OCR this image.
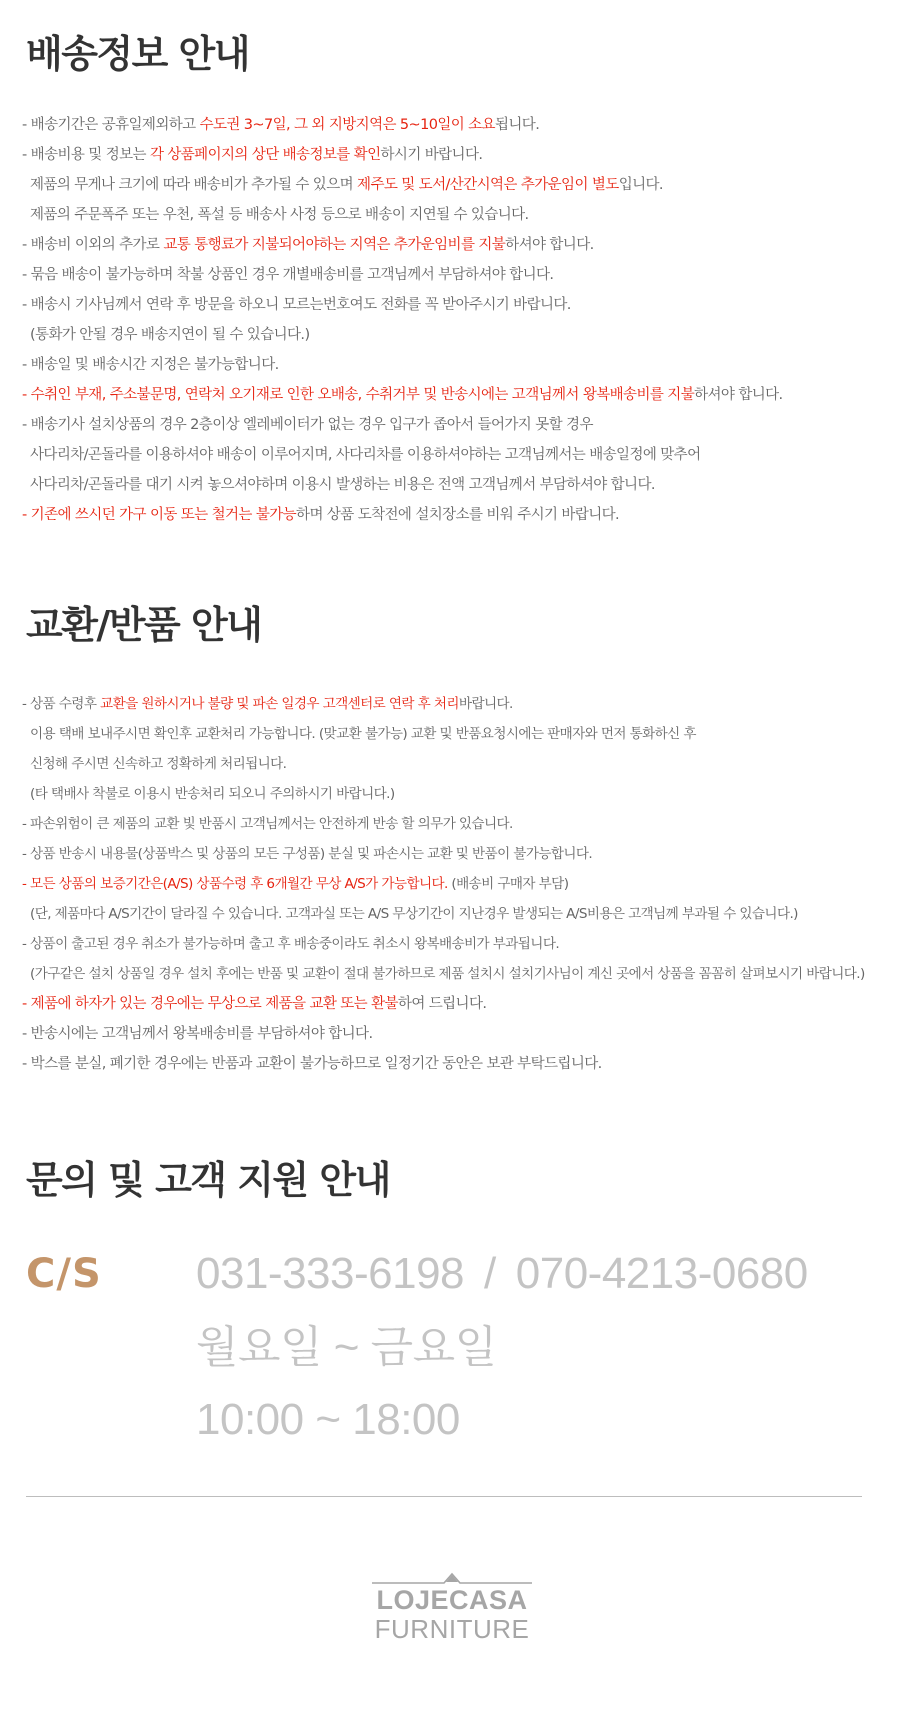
배송정보 안내
- 배송기간은 공휴일제외하고 수도권 3~7일, 그 외 지방지역은 5~10일이 소요됩니다.
- 배송비용 및 정보는 각 상품페이지의 상단 배송정보를 확인하시기 바랍니다.
제품의 무게나 크기에 따라 배송비가 추가될 수 있으며 제주도 및 도서/산간시역은 추가운임이 별도입니다.
제품의 주문폭주 또는 우천, 폭설 등 배송사 사정 등으로 배송이 지연될 수 있습니다.
- 배송비 이외의 추가로 교통 통행료가 지불되어야하는 지역은 추가운임비를 지불하셔야 합니다.
- 묶음 배송이 불가능하며 착불 상품인 경우 개별배송비를 고객님께서 부담하셔야 합니다.
- 배송시 기사님께서 연락 후 방문을 하오니 모르는번호여도 전화를 꼭 받아주시기 바랍니다.
(통화가 안될 경우 배송지연이 될 수 있습니다.)
- 배송일 및 배송시간 지정은 불가능합니다.
- 수취인 부재, 주소불문명, 연락처 오기재로 인한 오배송, 수취거부 및 반송시에는 고객님께서 왕복배송비를 지불하셔야 합니다.
- 배송기사 설치상품의 경우 2층이상 엘레베이터가 없는 경우 입구가 좁아서 들어가지 못할 경우
사다리차/곤돌라를 이용하셔야 배송이 이루어지며, 사다리차를 이용하셔야하는 고객님께서는 배송일정에 맞추어
사다리차/곤돌라를 대기 시켜 놓으셔야하며 이용시 발생하는 비용은 전액 고객님께서 부담하셔야 합니다.
- 기존에 쓰시던 가구 이동 또는 철거는 불가능하며 상품 도착전에 설치장소를 비워 주시기 바랍니다.
교환/반품 안내
- 상품 수령후 교환을 원하시거나 불량 및 파손 일경우 고객센터로 연락 후 처리바랍니다.
이용 택배 보내주시면 확인후 교환처리 가능합니다. (맞교환 불가능) 교환 및 반품요청시에는 판매자와 먼저 통화하신 후
신청해 주시면 신속하고 정확하게 처리됩니다.
(타 택배사 착불로 이용시 반송처리 되오니 주의하시기 바랍니다.)
- 파손위험이 큰 제품의 교환 빛 반품시 고객님께서는 안전하게 반송 할 의무가 있습니다.
- 상품 반송시 내용물(상품박스 및 상품의 모든 구성품) 분실 및 파손시는 교환 및 반품이 불가능합니다.
- 모든 상품의 보증기간은(A/S) 상품수령 후 6개월간 무상 A/S가 가능합니다. (배송비 구매자 부담)
(단, 제품마다 A/S기간이 달라질 수 있습니다. 고객과실 또는 A/S 무상기간이 지난경우 발생되는 A/S비용은 고객님께 부과될 수 있습니다.)
- 상품이 출고된 경우 취소가 불가능하며 출고 후 배송중이라도 취소시 왕복배송비가 부과됩니다.
(가구같은 설치 상품일 경우 설치 후에는 반품 및 교환이 절대 불가하므로 제품 설치시 설치기사님이 계신 곳에서 상품을 꼼꼼히 살펴보시기 바랍니다.)
- 제품에 하자가 있는 경우에는 무상으로 제품을 교환 또는 환불하여 드립니다.
- 반송시에는 고객님께서 왕복배송비를 부담하셔야 합니다.
- 박스를 분실, 폐기한 경우에는 반품과 교환이 불가능하므로 일정기간 동안은 보관 부탁드립니다.
문의 및 고객 지원 안내
C/S 031-333-6198 / 070-4213-0680
월요일 ~ 금요일
10:00 ~ 18:00
LOJECASA
FURNITURE
